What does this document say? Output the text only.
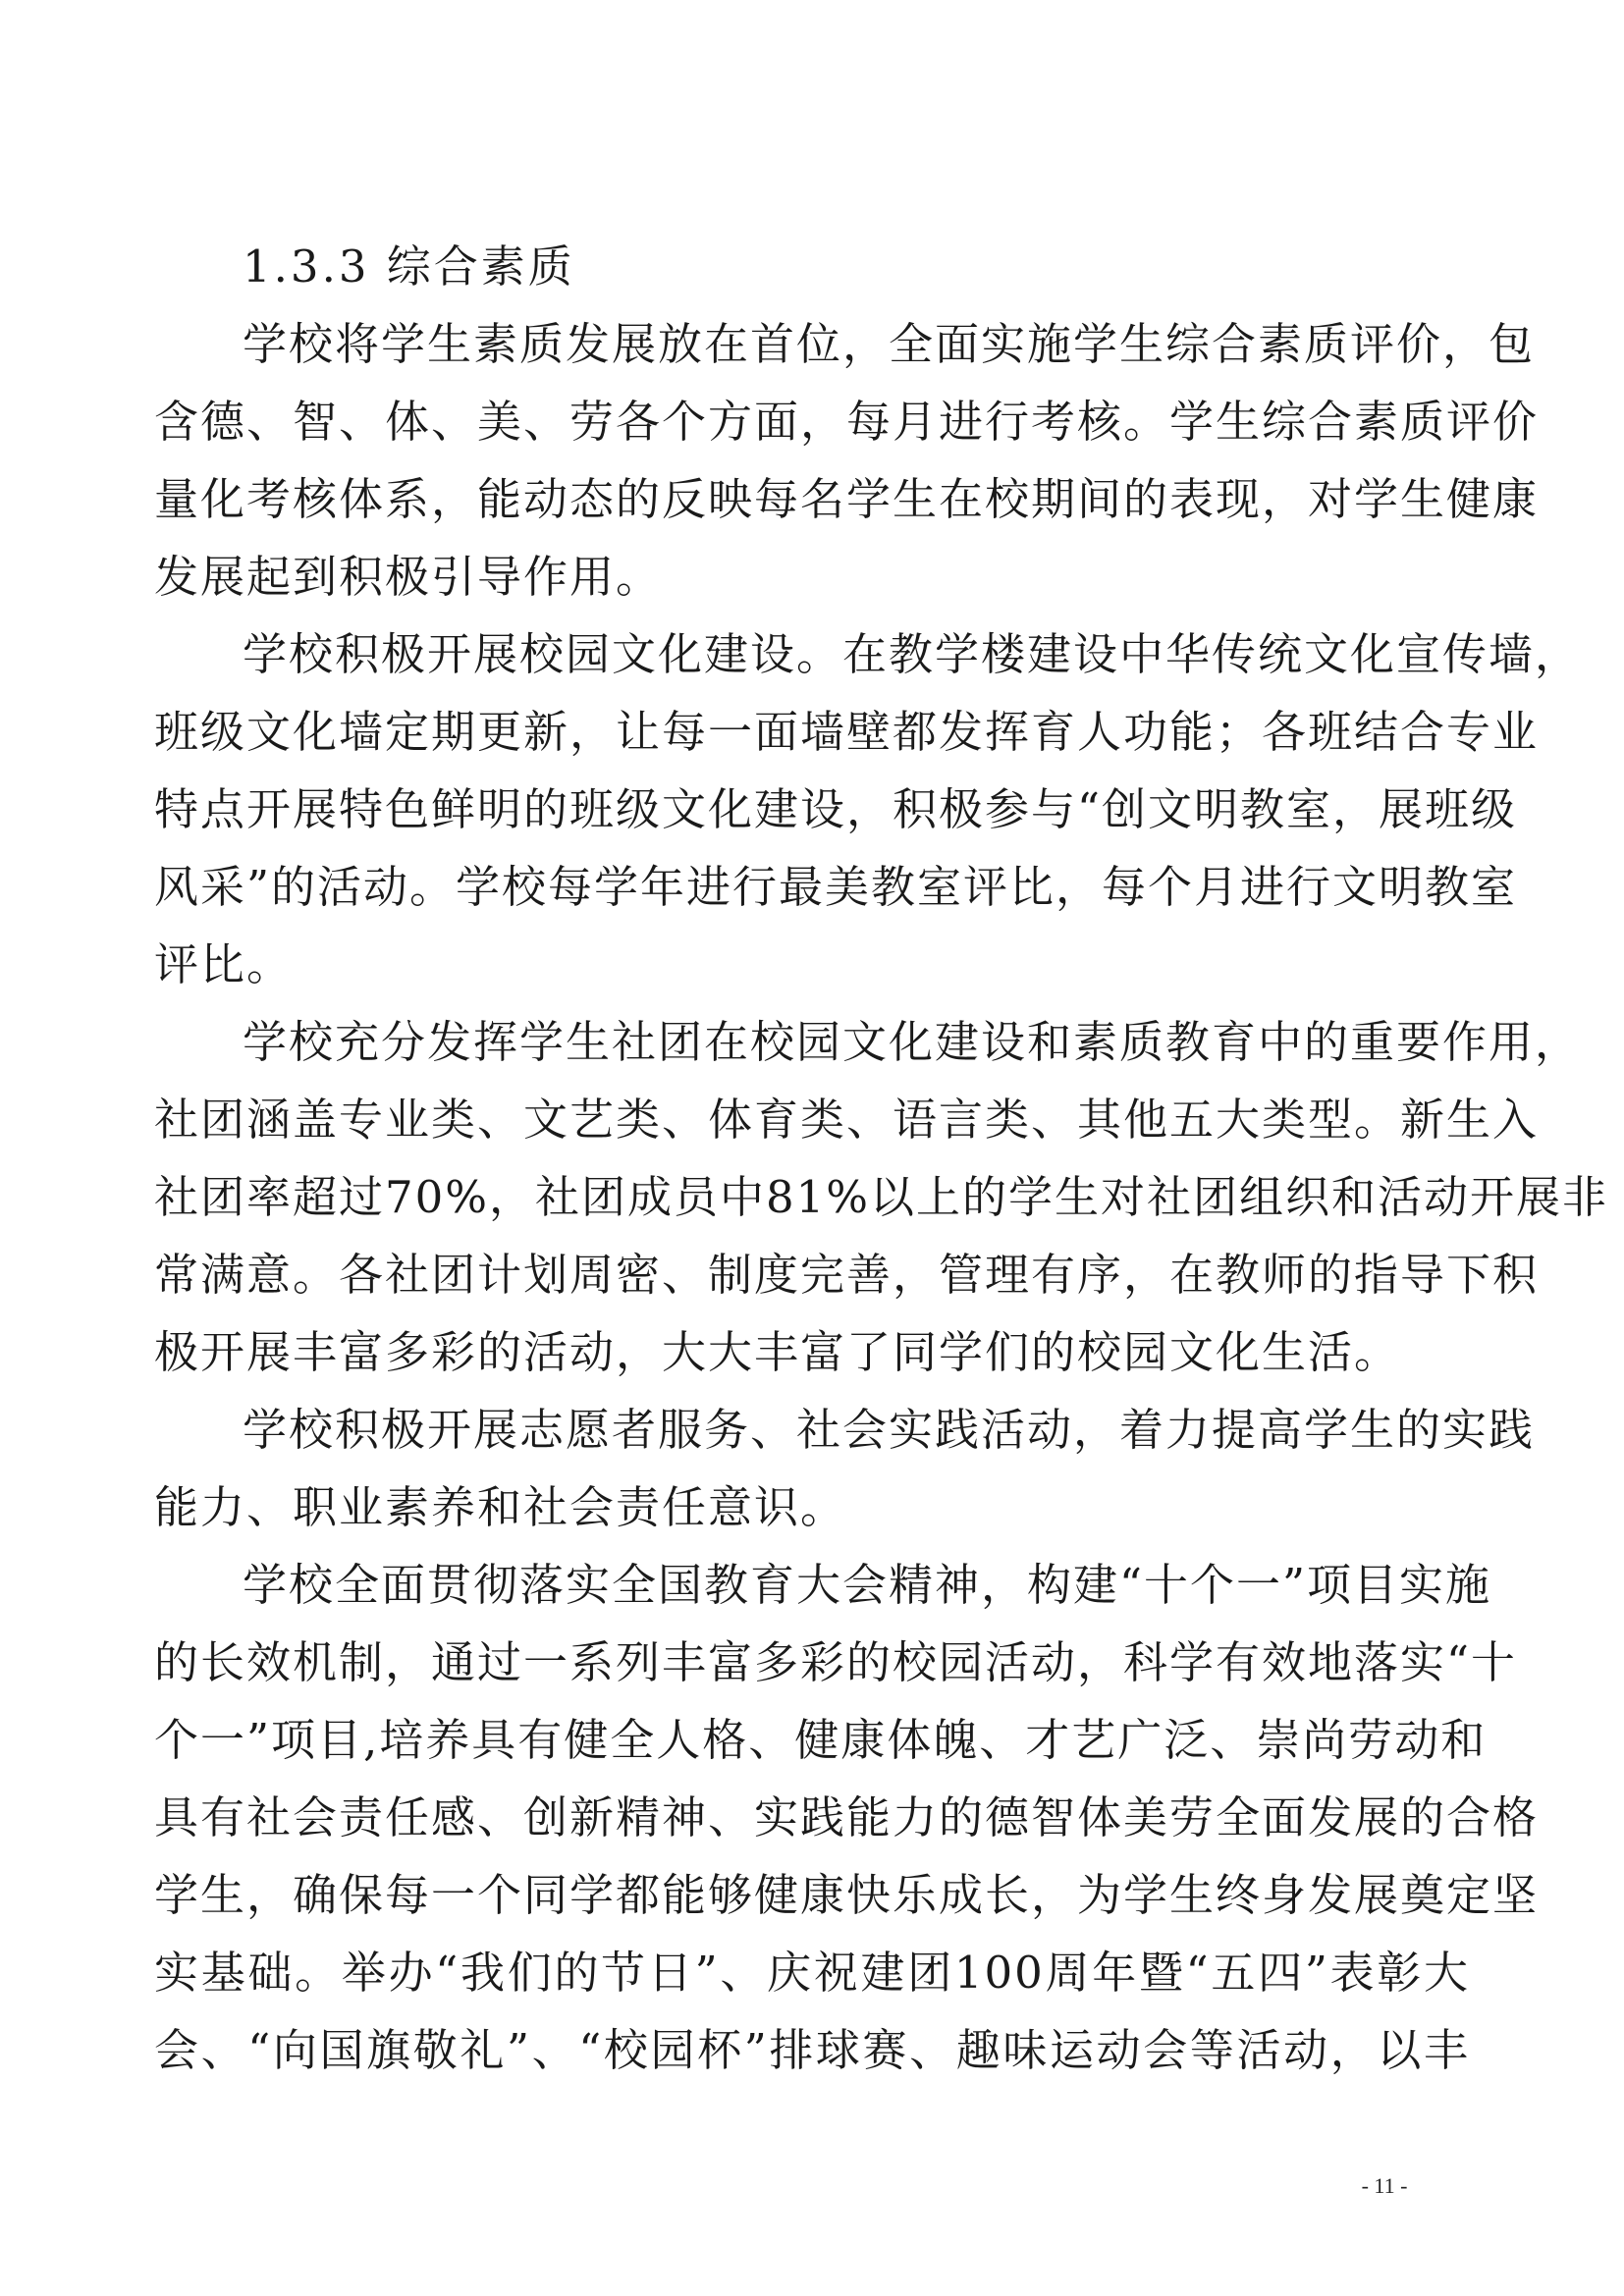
1.3.3 综合素质
学校将学生素质发展放在首位，全面实施学生综合素质评价，包
含德、智、体、美、劳各个方面，每月进行考核。学生综合素质评价
量化考核体系，能动态的反映每名学生在校期间的表现，对学生健康
发展起到积极引导作用。
学校积极开展校园文化建设。在教学楼建设中华传统文化宣传墙，
班级文化墙定期更新，让每一面墙壁都发挥育人功能；各班结合专业
特点开展特色鲜明的班级文化建设，积极参与“创文明教室，展班级
风采”的活动。学校每学年进行最美教室评比，每个月进行文明教室
评比。
学校充分发挥学生社团在校园文化建设和素质教育中的重要作用，
社团涵盖专业类、文艺类、体育类、语言类、其他五大类型。新生入
社团率超过70%，社团成员中81%以上的学生对社团组织和活动开展非
常满意。各社团计划周密、制度完善，管理有序，在教师的指导下积
极开展丰富多彩的活动，大大丰富了同学们的校园文化生活。
学校积极开展志愿者服务、社会实践活动，着力提高学生的实践
能力、职业素养和社会责任意识。
学校全面贯彻落实全国教育大会精神，构建“十个一”项目实施
的长效机制，通过一系列丰富多彩的校园活动，科学有效地落实“十
个一”项目,培养具有健全人格、健康体魄、才艺广泛、崇尚劳动和
具有社会责任感、创新精神、实践能力的德智体美劳全面发展的合格
学生，确保每一个同学都能够健康快乐成长，为学生终身发展奠定坚
实基础。举办“我们的节日”、庆祝建团100周年暨“五四”表彰大
会、“向国旗敬礼”、“校园杯”排球赛、趣味运动会等活动，以丰
- 11 -
